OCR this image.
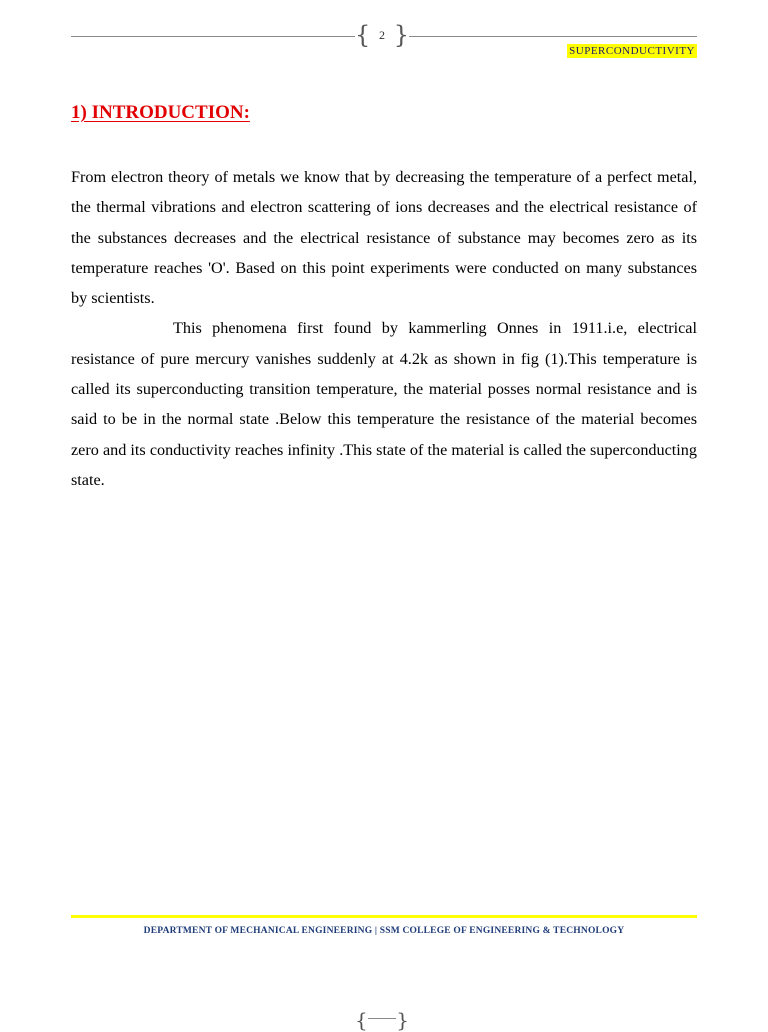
{ 2 }
SUPERCONDUCTIVITY
1) INTRODUCTION:

From electron theory of metals we know that by decreasing the temperature of a perfect metal, the thermal vibrations and electron scattering of ions decreases and the electrical resistance of the substances decreases and the electrical resistance of substance may becomes zero as its temperature reaches 'O'. Based on this point experiments were conducted on many substances by scientists.

This phenomena first found by kammerling Onnes in 1911.i.e, electrical resistance of pure mercury vanishes suddenly at 4.2k as shown in fig (1).This temperature is called its superconducting transition temperature, the material posses normal resistance and is said to be in the normal state .Below this temperature the resistance of the material becomes zero and its conductivity reaches infinity .This state of the material is called the superconducting state.

DEPARTMENT OF MECHANICAL ENGINEERING | SSM COLLEGE OF ENGINEERING & TECHNOLOGY
{ }
